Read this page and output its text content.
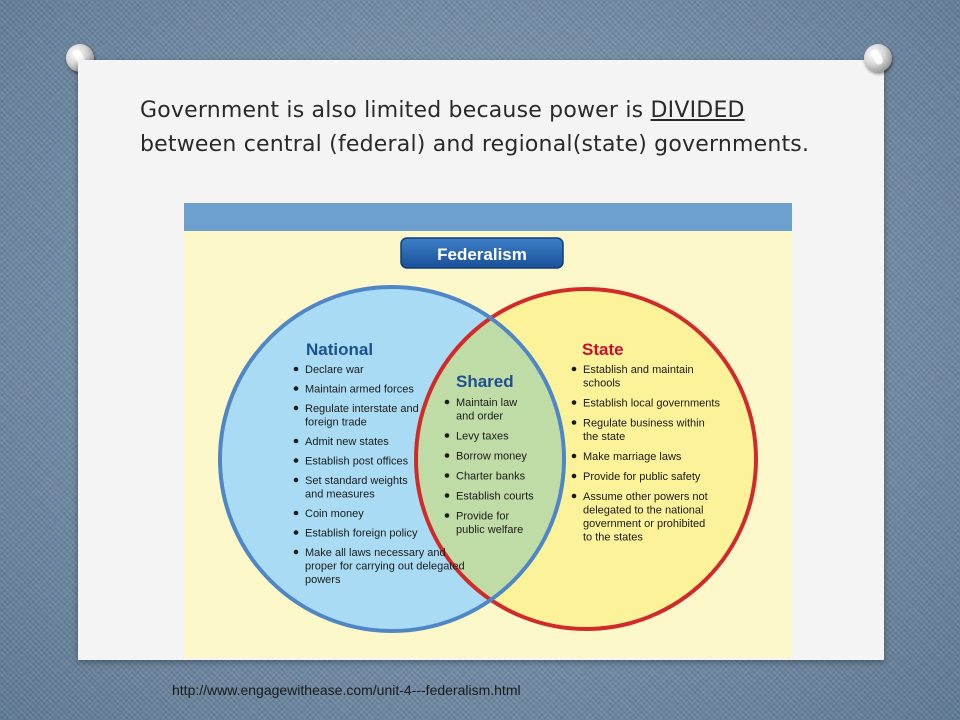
Government is also limited because power is DIVIDED between central (federal) and regional(state) governments.
Federalism
National
Shared
State
Declare war
Maintain armed forces
Regulate interstate and
foreign trade
Admit new states
Establish post offices
Set standard weights
and measures
Coin money
Establish foreign policy
Make all laws necessary and
proper for carrying out delegated
powers
Maintain law
and order
Levy taxes
Borrow money
Charter banks
Establish courts
Provide for
public welfare
Establish and maintain
schools
Establish local governments
Regulate business within
the state
Make marriage laws
Provide for public safety
Assume other powers not
delegated to the national
government or prohibited
to the states
http://www.engagewithease.com/unit-4---federalism.html
